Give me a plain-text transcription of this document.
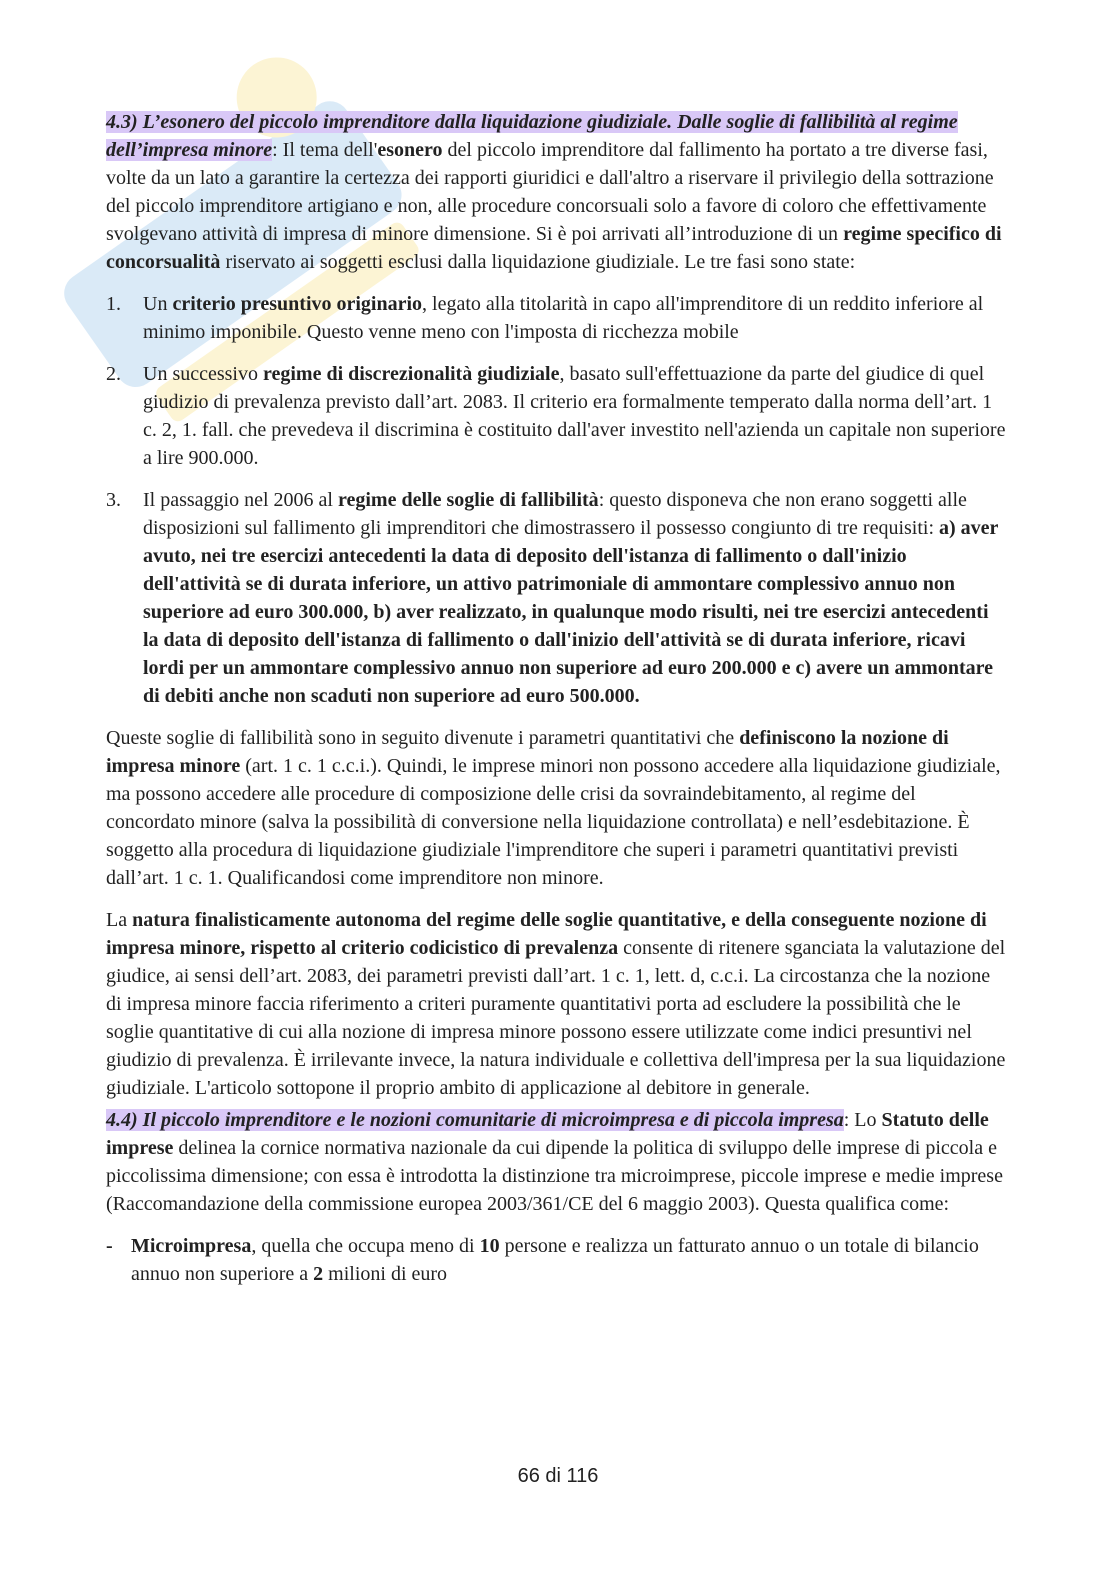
4.3) L’esonero del piccolo imprenditore dalla liquidazione giudiziale. Dalle soglie di fallibilità al regime dell’impresa minore: Il tema dell'esonero del piccolo imprenditore dal fallimento ha portato a tre diverse fasi, volte da un lato a garantire la certezza dei rapporti giuridici e dall'altro a riservare il privilegio della sottrazione del piccolo imprenditore artigiano e non, alle procedure concorsuali solo a favore di coloro che effettivamente svolgevano attività di impresa di minore dimensione. Si è poi arrivati all’introduzione di un regime specifico di concorsualità riservato ai soggetti esclusi dalla liquidazione giudiziale. Le tre fasi sono state:

1. Un criterio presuntivo originario, legato alla titolarità in capo all'imprenditore di un reddito inferiore al minimo imponibile. Questo venne meno con l'imposta di ricchezza mobile
2. Un successivo regime di discrezionalità giudiziale, basato sull'effettuazione da parte del giudice di quel giudizio di prevalenza previsto dall’art. 2083. Il criterio era formalmente temperato dalla norma dell’art. 1 c. 2, 1. fall. che prevedeva il discrimina è costituito dall'aver investito nell'azienda un capitale non superiore a lire 900.000.
3. Il passaggio nel 2006 al regime delle soglie di fallibilità: questo disponeva che non erano soggetti alle disposizioni sul fallimento gli imprenditori che dimostrassero il possesso congiunto di tre requisiti: a) aver avuto, nei tre esercizi antecedenti la data di deposito dell'istanza di fallimento o dall'inizio dell'attività se di durata inferiore, un attivo patrimoniale di ammontare complessivo annuo non superiore ad euro 300.000, b) aver realizzato, in qualunque modo risulti, nei tre esercizi antecedenti la data di deposito dell'istanza di fallimento o dall'inizio dell'attività se di durata inferiore, ricavi lordi per un ammontare complessivo annuo non superiore ad euro 200.000 e c) avere un ammontare di debiti anche non scaduti non superiore ad euro 500.000.

Queste soglie di fallibilità sono in seguito divenute i parametri quantitativi che definiscono la nozione di impresa minore (art. 1 c. 1 c.c.i.). Quindi, le imprese minori non possono accedere alla liquidazione giudiziale, ma possono accedere alle procedure di composizione delle crisi da sovraindebitamento, al regime del concordato minore (salva la possibilità di conversione nella liquidazione controllata) e nell’esdebitazione. È soggetto alla procedura di liquidazione giudiziale l'imprenditore che superi i parametri quantitativi previsti dall’art. 1 c. 1. Qualificandosi come imprenditore non minore.

La natura finalisticamente autonoma del regime delle soglie quantitative, e della conseguente nozione di impresa minore, rispetto al criterio codicistico di prevalenza consente di ritenere sganciata la valutazione del giudice, ai sensi dell’art. 2083, dei parametri previsti dall’art. 1 c. 1, lett. d, c.c.i. La circostanza che la nozione di impresa minore faccia riferimento a criteri puramente quantitativi porta ad escludere la possibilità che le soglie quantitative di cui alla nozione di impresa minore possono essere utilizzate come indici presuntivi nel giudizio di prevalenza. È irrilevante invece, la natura individuale e collettiva dell'impresa per la sua liquidazione giudiziale. L'articolo sottopone il proprio ambito di applicazione al debitore in generale.

4.4) Il piccolo imprenditore e le nozioni comunitarie di microimpresa e di piccola impresa: Lo Statuto delle imprese delinea la cornice normativa nazionale da cui dipende la politica di sviluppo delle imprese di piccola e piccolissima dimensione; con essa è introdotta la distinzione tra microimprese, piccole imprese e medie imprese (Raccomandazione della commissione europea 2003/361/CE del 6 maggio 2003). Questa qualifica come:

- Microimpresa, quella che occupa meno di 10 persone e realizza un fatturato annuo o un totale di bilancio annuo non superiore a 2 milioni di euro
66 di 116
